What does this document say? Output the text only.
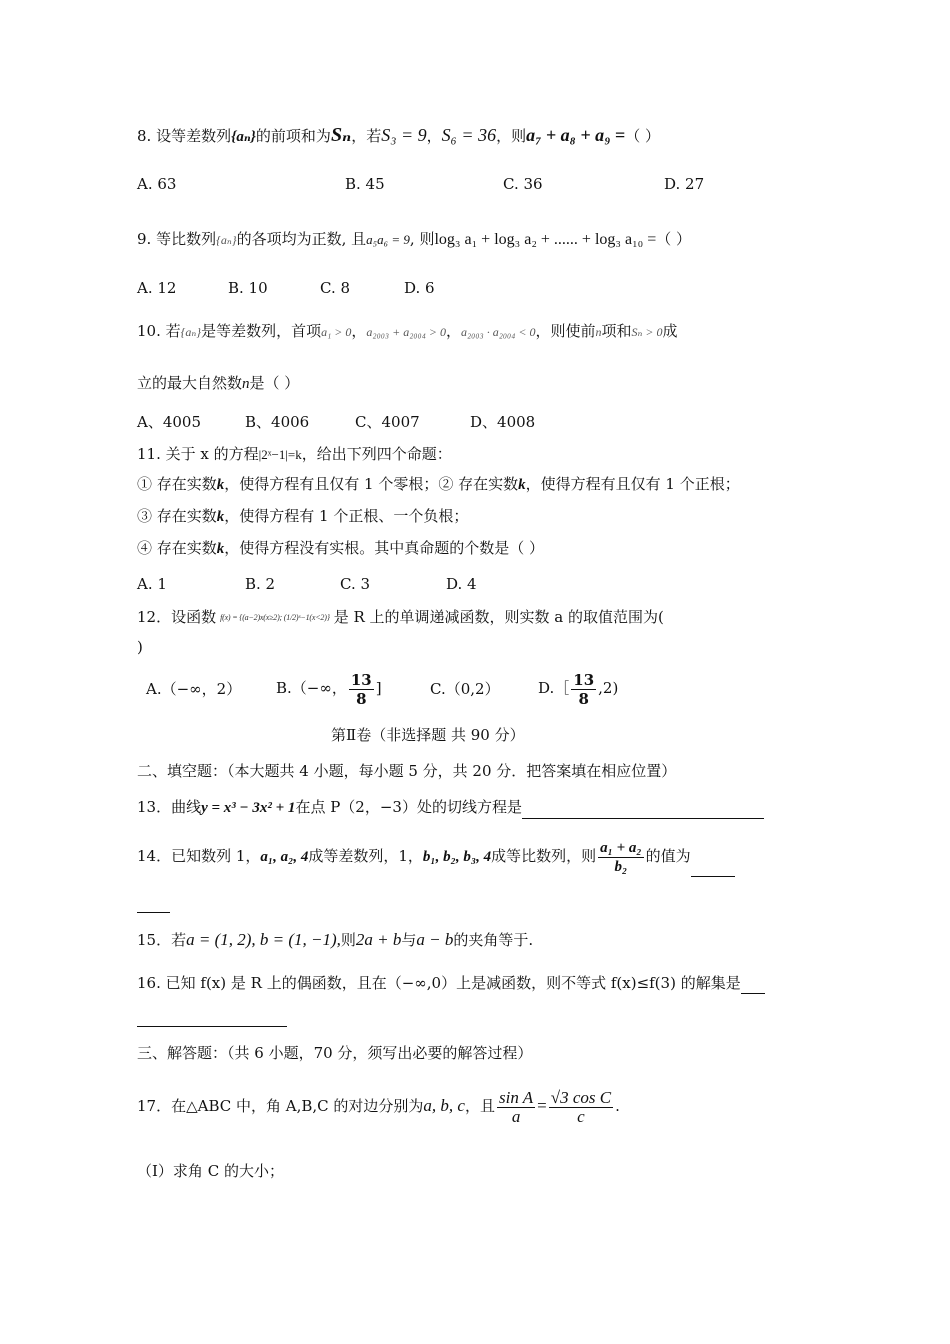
8. 设等差数列{aₙ}的前项和为Sₙ，若S₃ = 9，S₆ = 36，则a₇ + a₈ + a₉ =（ ）
A. 63	B. 45	C. 36	D. 27
9. 等比数列{aₙ}的各项均为正数, 且a₅a₆ = 9, 则log₃ a₁ + log₃ a₂ + ...... + log₃ a₁₀ =（ ）
A. 12	B. 10	C. 8	D. 6
10. 若{aₙ}是等差数列，首项a₁ > 0，a₂₀₀₃ + a₂₀₀₄ > 0，a₂₀₀₃ · a₂₀₀₄ < 0，则使前n项和Sₙ > 0成
立的最大自然数n是（ ）
A、4005	B、4006	C、4007	D、4008
11. 关于 x 的方程|2ˣ−1|=k，给出下列四个命题：
① 存在实数k，使得方程有且仅有 1 个零根；② 存在实数k，使得方程有且仅有 1 个正根；
③ 存在实数k，使得方程有 1 个正根、一个负根；
④ 存在实数k，使得方程没有实根。其中真命题的个数是（ ）
A. 1	B. 2	C. 3	D. 4
12．设函数 f(x) = {(a−2)x(x≥2); (1/2)ˣ−1(x<2)} 是 R 上的单调递减函数，则实数 a 的取值范围为(
)
A.（−∞，2） B.（−∞， $\frac{13}{8}$ ]	C.（0,2）	D.［ $\frac{13}{8} ,2$)
第Ⅱ卷（非选择题 共 90 分）
二、填空题：（本大题共 4 小题，每小题 5 分，共 20 分．把答案填在相应位置）
13．曲线y = x³ − 3x² + 1在点 P（2，−3）处的切线方程是
14．已知数列 1，a₁, a₂, 4成等差数列，1，b₁, b₂, b₃, 4成等比数列，则 $\frac{\text{a₁ + a₂}}{\text{b₂}}$ 的值为
15．若a = (1, 2), b = (1, −1),则2a + b与a − b的夹角等于.
16. 已知 f(x) 是 R 上的偶函数，且在（−∞,0）上是减函数，则不等式 f(x)≤f(3) 的解集是
三、解答题：（共 6 小题，70 分，须写出必要的解答过程）
17．在△ABC 中，角 A,B,C 的对边分别为a, b, c，且 $\frac{\text{sin A}}{a} = \frac{\text{√3 cos C}}{c}$ .
（Ⅰ）求角 C 的大小；
